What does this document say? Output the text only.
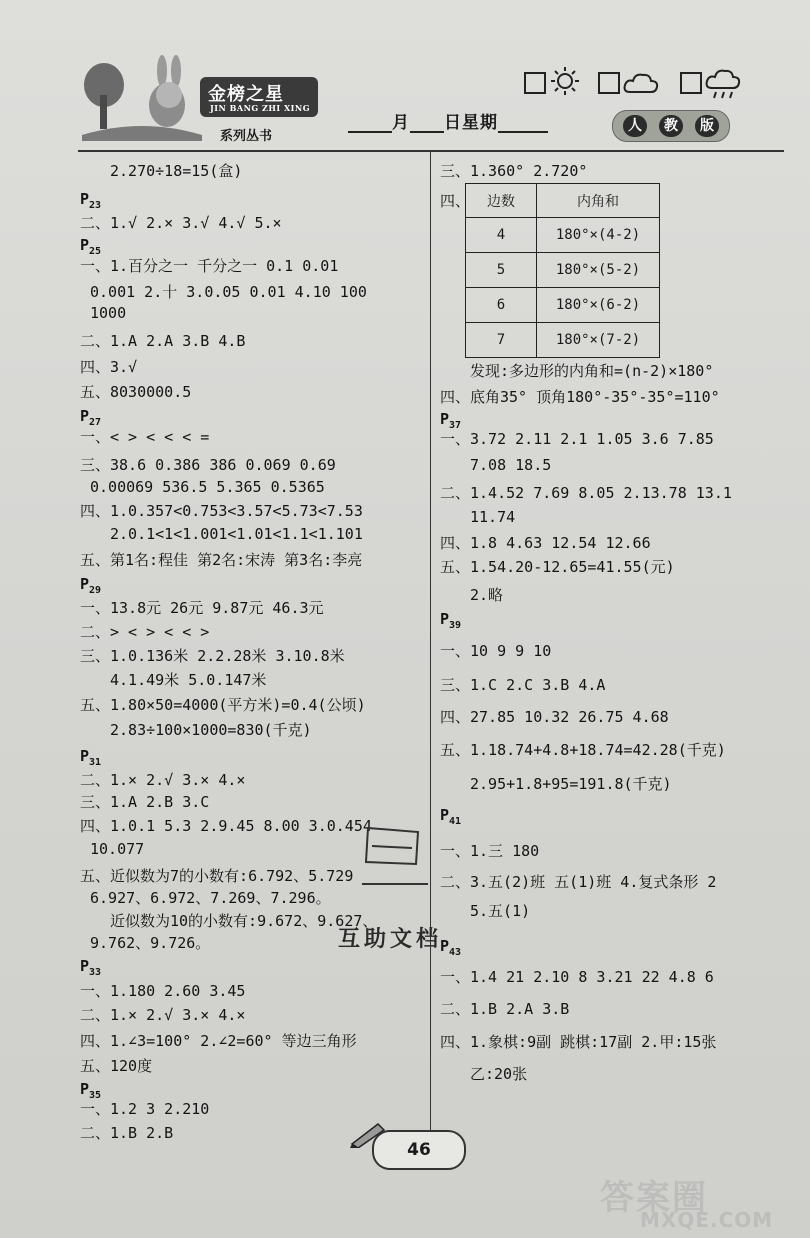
金榜之星
JIN BANG ZHI XING
系列丛书
月 日星期	人	教	版
2.270÷18=15(盒)
$P_{23}$
二、1.√ 2.× 3.√ 4.√ 5.×
$P_{25}$
一、1.百分之一 千分之一 0.1 0.01
0.001 2.十 3.0.05 0.01 4.10 100
1000
二、1.A 2.A 3.B 4.B
四、3.√
五、8030000.5
$P_{27}$
一、< > < < < =
三、38.6 0.386 386 0.069 0.69
0.00069 536.5 5.365 0.5365
四、1.0.357<0.753<3.57<5.73<7.53
2.0.1<1<1.001<1.01<1.1<1.101
五、第1名:程佳 第2名:宋涛 第3名:李亮
$P_{29}$
一、13.8元 26元 9.87元 46.3元
二、> < > < < >
三、1.0.136米 2.2.28米 3.10.8米
4.1.49米 5.0.147米
五、1.80×50=4000(平方米)=0.4(公顷)
2.83÷100×1000=830(千克)
$P_{31}$
二、1.× 2.√ 3.× 4.×
三、1.A 2.B 3.C
四、1.0.1 5.3 2.9.45 8.00 3.0.454
10.077
五、近似数为7的小数有:6.792、5.729
6.927、6.972、7.269、7.296。
近似数为10的小数有:9.672、9.627、
9.762、9.726。
$P_{33}$
一、1.180 2.60 3.45
二、1.× 2.√ 3.× 4.×
四、1.∠3=100° 2.∠2=60° 等边三角形
五、120度
$P_{35}$
一、1.2 3 2.210
二、1.B 2.B
三、1.360° 2.720°
四、 边数	内角和
4	180°×(4-2)
5	180°×(5-2)
6	180°×(6-2)
7	180°×(7-2)
发现:多边形的内角和=(n-2)×180°
四、底角35° 顶角180°-35°-35°=110°
$P_{37}$
一、3.72 2.11 2.1 1.05 3.6 7.85
7.08 18.5
二、1.4.52 7.69 8.05 2.13.78 13.1
11.74
四、1.8 4.63 12.54 12.66
五、1.54.20-12.65=41.55(元)
2.略
$P_{39}$
一、10 9 9 10
三、1.C 2.C 3.B 4.A
四、27.85 10.32 26.75 4.68
五、1.18.74+4.8+18.74=42.28(千克)
2.95+1.8+95=191.8(千克)
$P_{41}$
一、1.三 180
二、3.五(2)班 五(1)班 4.复式条形 2
5.五(1)
$P_{43}$
一、1.4 21 2.10 8 3.21 22 4.8 6
二、1.B 2.A 3.B
四、1.象棋:9副 跳棋:17副 2.甲:15张
乙:20张
互助文档
46
答案圈
MXQE.COM
